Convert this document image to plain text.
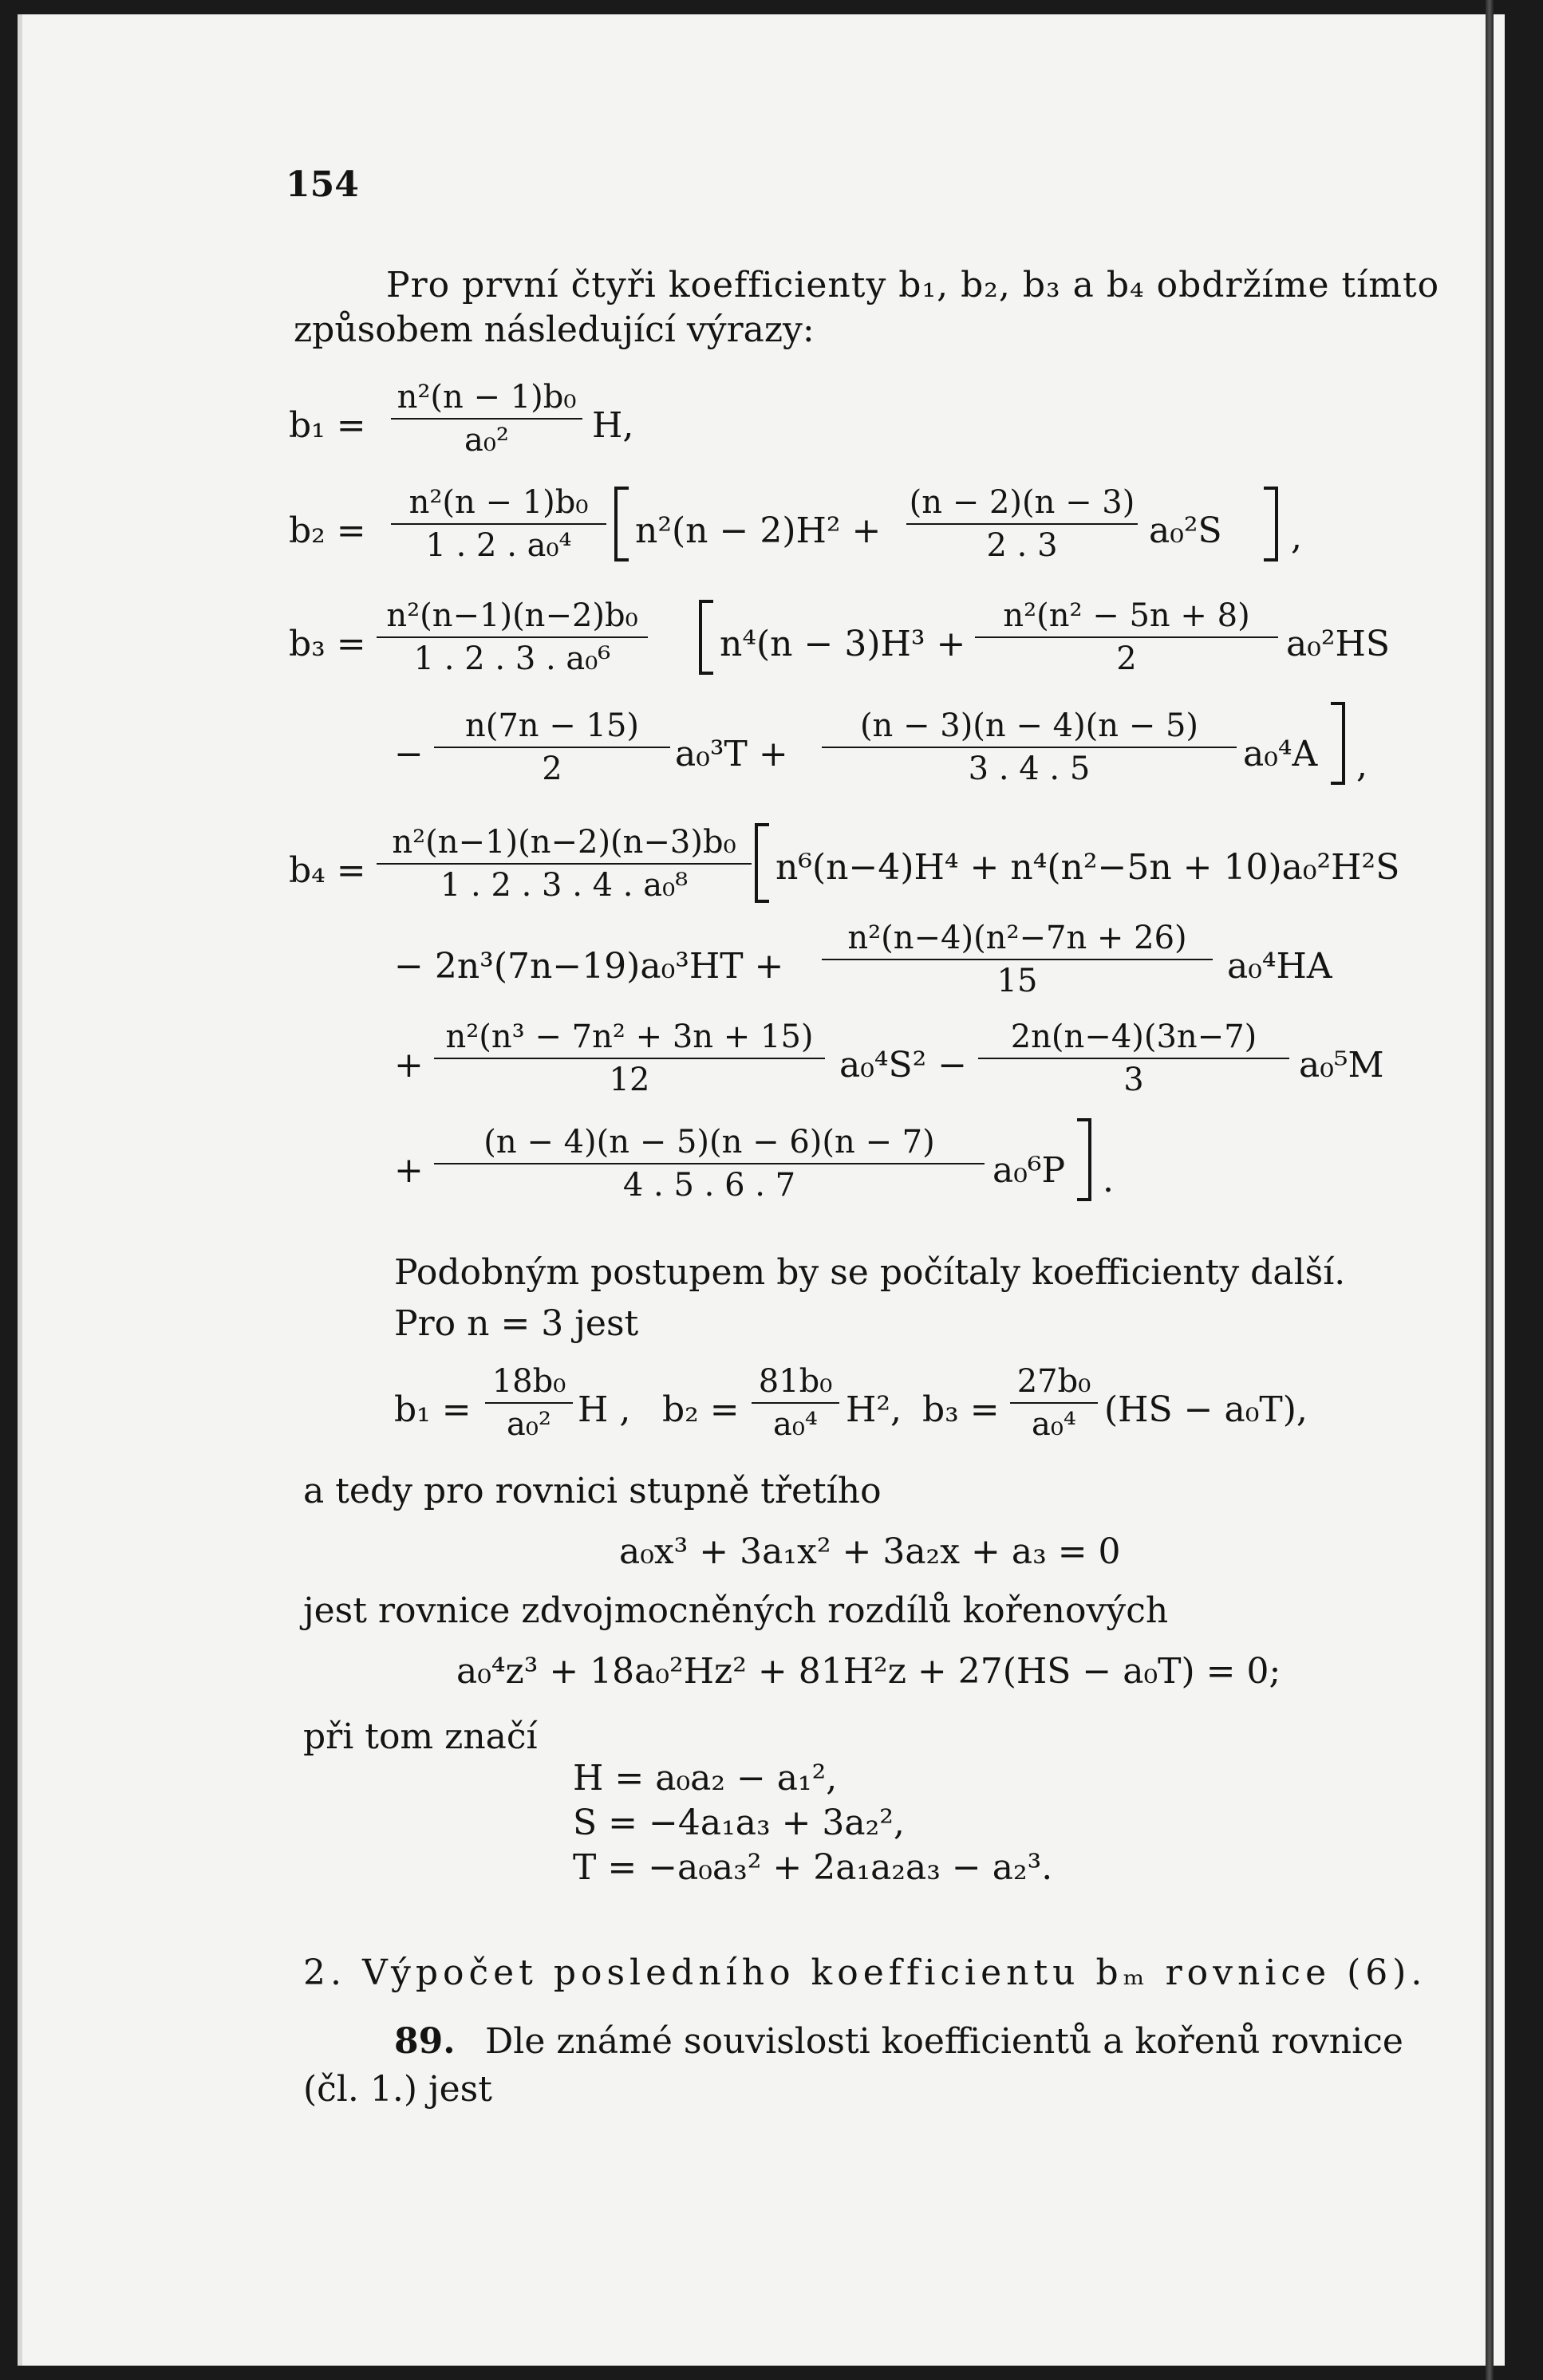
154
Pro první čtyři koefficienty b₁, b₂, b₃ a b₄ obdržíme tímto
způsobem následující výrazy:
b₁ =
n²(n − 1)b₀
a₀²	H,
b₂ =
n²(n − 1)b₀
1 . 2 . a₀⁴	n²(n − 2)H² +
(n − 2)(n − 3)
2 . 3	a₀²S ,
b₃ =
n²(n−1)(n−2)b₀
1 . 2 . 3 . a₀⁶	n⁴(n − 3)H³ +
n²(n² − 5n + 8)
2	a₀²HS
−
n(7n − 15)
2	a₀³T +
(n − 3)(n − 4)(n − 5)
3 . 4 . 5	a₀⁴A ,
b₄ =
n²(n−1)(n−2)(n−3)b₀
1 . 2 . 3 . 4 . a₀⁸	n⁶(n−4)H⁴ + n⁴(n²−5n + 10)a₀²H²S
− 2n³(7n−19)a₀³HT +
n²(n−4)(n²−7n + 26)
15	a₀⁴HA
+
n²(n³ − 7n² + 3n + 15)
12	a₀⁴S² −
2n(n−4)(3n−7)
3	a₀⁵M
+
(n − 4)(n − 5)(n − 6)(n − 7)
4 . 5 . 6 . 7	a₀⁶P .
Podobným postupem by se počítaly koefficienty další.
Pro n = 3 jest
b₁ =
18b₀
a₀² H , b₂ =
81b₀
a₀⁴ H², b₃ =
27b₀
a₀⁴ (HS − a₀T),
a tedy pro rovnici stupně třetího
a₀x³ + 3a₁x² + 3a₂x + a₃ = 0
jest rovnice zdvojmocněných rozdílů kořenových
a₀⁴z³ + 18a₀²Hz² + 81H²z + 27(HS − a₀T) = 0;
při tom značí
H = a₀a₂ − a₁²,
S = −4a₁a₃ + 3a₂²,
T = −a₀a₃² + 2a₁a₂a₃ − a₂³.
2. Výpočet posledního koefficientu bₘ rovnice (6).
89. Dle známé souvislosti koefficientů a kořenů rovnice
(čl. 1.) jest
